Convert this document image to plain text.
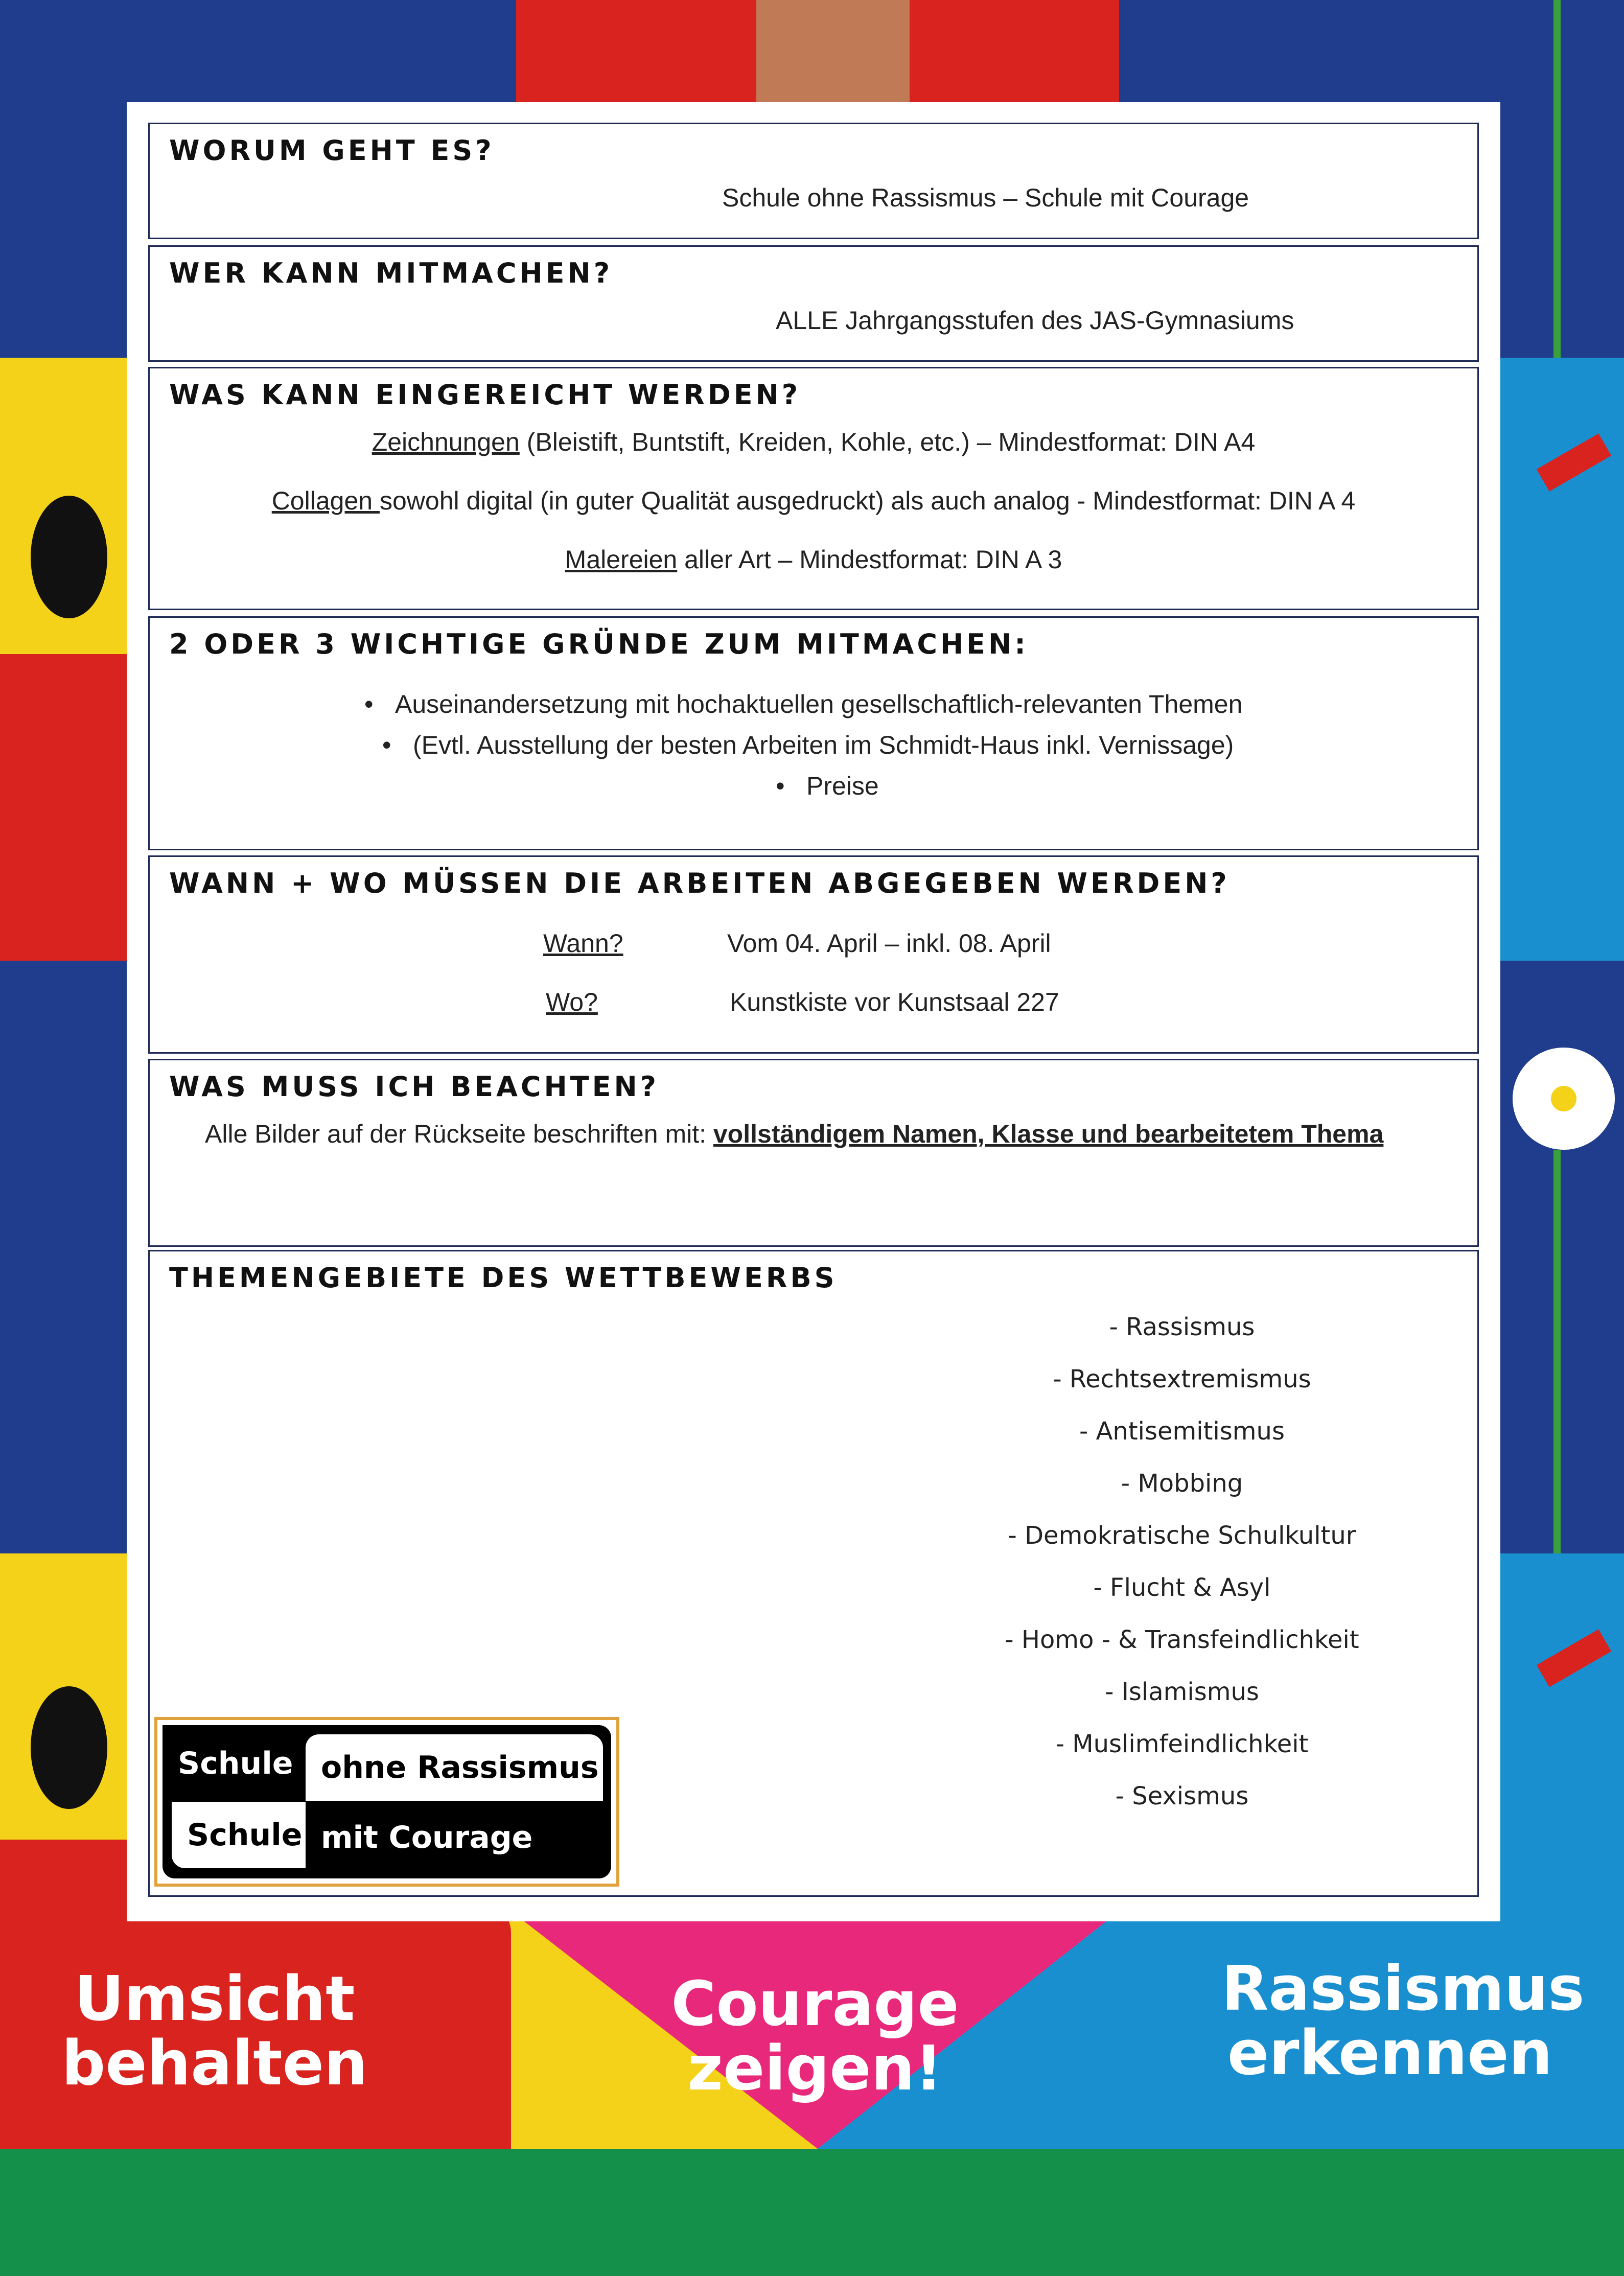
Umsicht behalten
Courage zeigen!
Rassismus erkennen
WORUM GEHT ES?
Schule ohne Rassismus – Schule mit Courage
WER KANN MITMACHEN?
ALLE Jahrgangsstufen des JAS-Gymnasiums
WAS KANN EINGEREICHT WERDEN?
Zeichnungen (Bleistift, Buntstift, Kreiden, Kohle, etc.) – Mindestformat: DIN A4
Collagen sowohl digital (in guter Qualität ausgedruckt) als auch analog - Mindestformat: DIN A 4
Malereien aller Art – Mindestformat: DIN A 3
2 ODER 3 WICHTIGE GRÜNDE ZUM MITMACHEN:
• Auseinandersetzung mit hochaktuellen gesellschaftlich-relevanten Themen
• (Evtl. Ausstellung der besten Arbeiten im Schmidt-Haus inkl. Vernissage)
• Preise
WANN + WO MÜSSEN DIE ARBEITEN ABGEGEBEN WERDEN?
Wann?	Vom 04. April – inkl. 08. April
Wo?	Kunstkiste vor Kunstsaal 227
WAS MUSS ICH BEACHTEN?
Alle Bilder auf der Rückseite beschriften mit: vollständigem Namen, Klasse und bearbeitetem Thema
THEMENGEBIETE DES WETTBEWERBS
- Rassismus
- Rechtsextremismus
- Antisemitismus
- Mobbing
- Demokratische Schulkultur
- Flucht & Asyl
- Homo - & Transfeindlichkeit
- Islamismus
- Muslimfeindlichkeit
- Sexismus
Schule ohne Rassismus
Schule mit Courage
